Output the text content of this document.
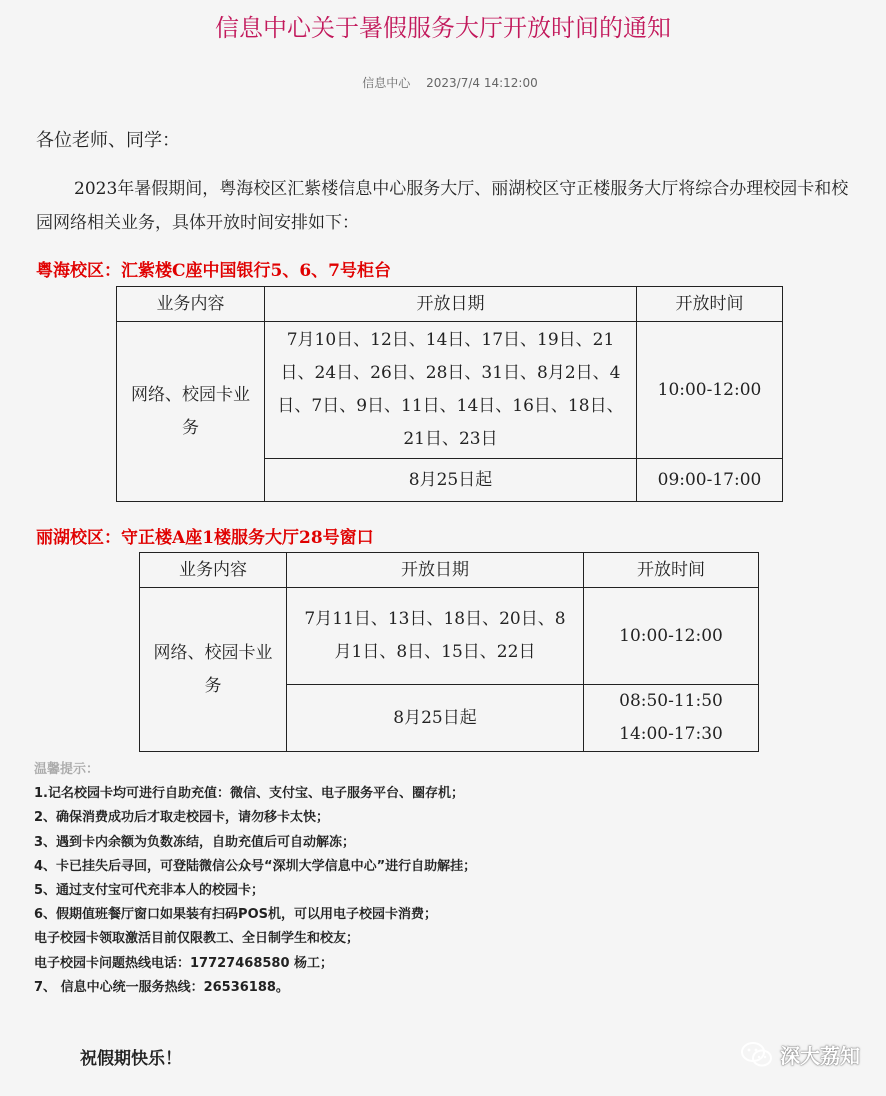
信息中心关于暑假服务大厅开放时间的通知
信息中心 2023/7/4 14:12:00
各位老师、同学：
2023年暑假期间，粤海校区汇紫楼信息中心服务大厅、丽湖校区守正楼服务大厅将综合办理校园卡和校园网络相关业务，具体开放时间安排如下：
粤海校区：汇紫楼C座中国银行5、6、7号柜台
业务内容	开放日期	开放时间
网络、校园卡业务	7月10日、12日、14日、17日、19日、21日、24日、26日、28日、31日、8月2日、4日、7日、9日、11日、14日、16日、18日、21日、23日	10:00-12:00
	8月25日起	09:00-17:00
丽湖校区：守正楼A座1楼服务大厅28号窗口
业务内容	开放日期	开放时间
网络、校园卡业务	7月11日、13日、18日、20日、8月1日、8日、15日、22日	10:00-12:00
	8月25日起	08:50-11:50
14:00-17:30
温馨提示：
1.记名校园卡均可进行自助充值：微信、支付宝、电子服务平台、圈存机；
2、确保消费成功后才取走校园卡，请勿移卡太快；
3、遇到卡内余额为负数冻结，自助充值后可自动解冻；
4、卡已挂失后寻回，可登陆微信公众号“深圳大学信息中心”进行自助解挂；
5、通过支付宝可代充非本人的校园卡；
6、假期值班餐厅窗口如果装有扫码POS机，可以用电子校园卡消费；
电子校园卡领取激活目前仅限教工、全日制学生和校友；
电子校园卡问题热线电话：17727468580 杨工；
7、 信息中心统一服务热线：26536188。
祝假期快乐！	深大荔知
